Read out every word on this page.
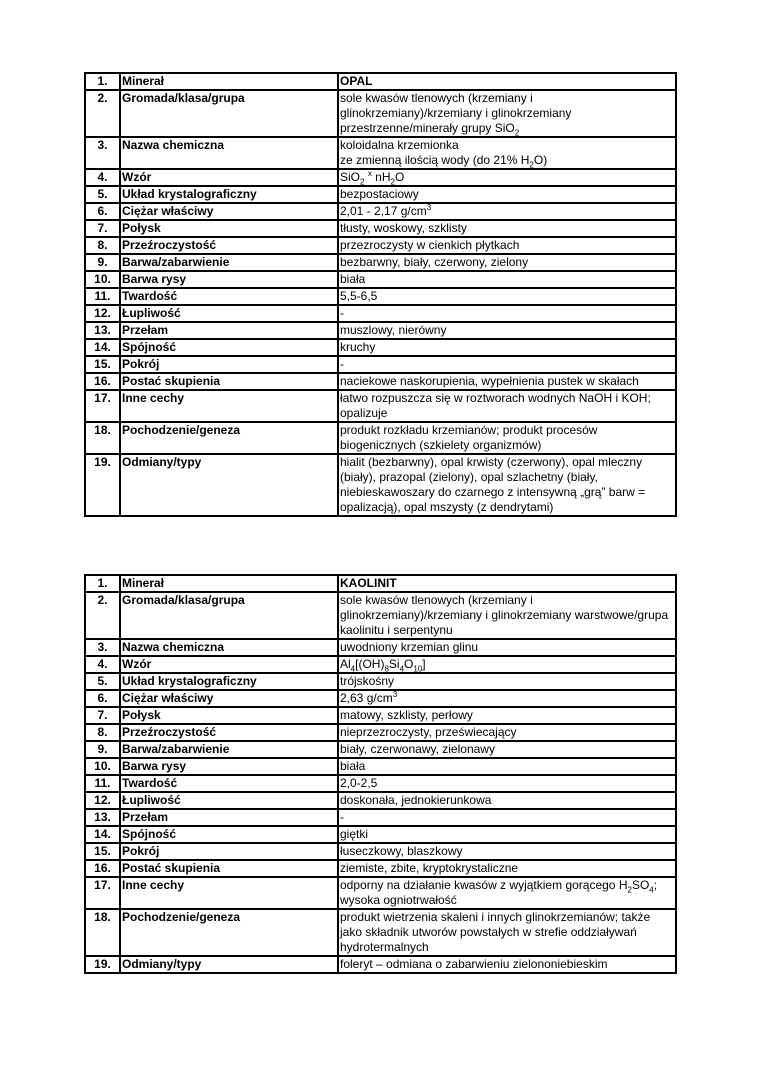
1.	Minerał	OPAL
2.	Gromada/klasa/grupa	sole kwasów tlenowych (krzemiany i glinokrzemiany)/krzemiany i glinokrzemiany przestrzenne/minerały grupy SiO$_2$
3.	Nazwa chemiczna	koloidalna krzemionka
ze zmienną ilością wody (do 21% $H_2O$)
4.	Wzór	SiO$_2$ $^x$ $nH_2O$
5.	Układ krystalograficzny	bezpostaciowy
6.	Ciężar właściwy	2,01 - 2,17 $g/cm^3$
7.	Połysk	tłusty, woskowy, szklisty
8.	Przeźroczystość	przezroczysty w cienkich płytkach
9.	Barwa/zabarwienie	bezbarwny, biały, czerwony, zielony
10.	Barwa rysy	biała
11.	Twardość	5,5-6,5
12.	Łupliwość	-
13.	Przełam	muszlowy, nierówny
14.	Spójność	kruchy
15.	Pokrój	-
16.	Postać skupienia	naciekowe naskorupienia, wypełnienia pustek w skałach
17.	Inne cechy	łatwo rozpuszcza się w roztworach wodnych NaOH i KOH; opalizuje
18.	Pochodzenie/geneza	produkt rozkładu krzemianów; produkt procesów biogenicznych (szkielety organizmów)
19.	Odmiany/typy	hialit (bezbarwny), opal krwisty (czerwony), opal mleczny (biały), prazopal (zielony), opal szlachetny (biały, niebieskawoszary do czarnego z intensywną „grą” barw = opalizacją), opal mszysty (z dendrytami)
1.	Minerał	KAOLINIT
2.	Gromada/klasa/grupa	sole kwasów tlenowych (krzemiany i glinokrzemiany)/krzemiany i glinokrzemiany warstwowe/grupa kaolinitu i serpentynu
3.	Nazwa chemiczna	uwodniony krzemian glinu
4.	Wzór	$Al_4[(OH)_8Si_4O_{10}]$
5.	Układ krystalograficzny	trójskośny
6.	Ciężar właściwy	2,63 $g/cm^3$
7.	Połysk	matowy, szklisty, perłowy
8.	Przeźroczystość	nieprzezroczysty, przeświecający
9.	Barwa/zabarwienie	biały, czerwonawy, zielonawy
10.	Barwa rysy	biała
11.	Twardość	2,0-2,5
12.	Łupliwość	doskonała, jednokierunkowa
13.	Przełam	-
14.	Spójność	giętki
15.	Pokrój	łuseczkowy, blaszkowy
16.	Postać skupienia	ziemiste, zbite, kryptokrystaliczne
17.	Inne cechy	odporny na działanie kwasów z wyjątkiem gorącego $H_2SO_4$; wysoka ogniotrwałość
18.	Pochodzenie/geneza	produkt wietrzenia skaleni i innych glinokrzemianów; także jako składnik utworów powstałych w strefie oddziaływań hydrotermalnych
19.	Odmiany/typy	foleryt – odmiana o zabarwieniu zielononiebieskim
